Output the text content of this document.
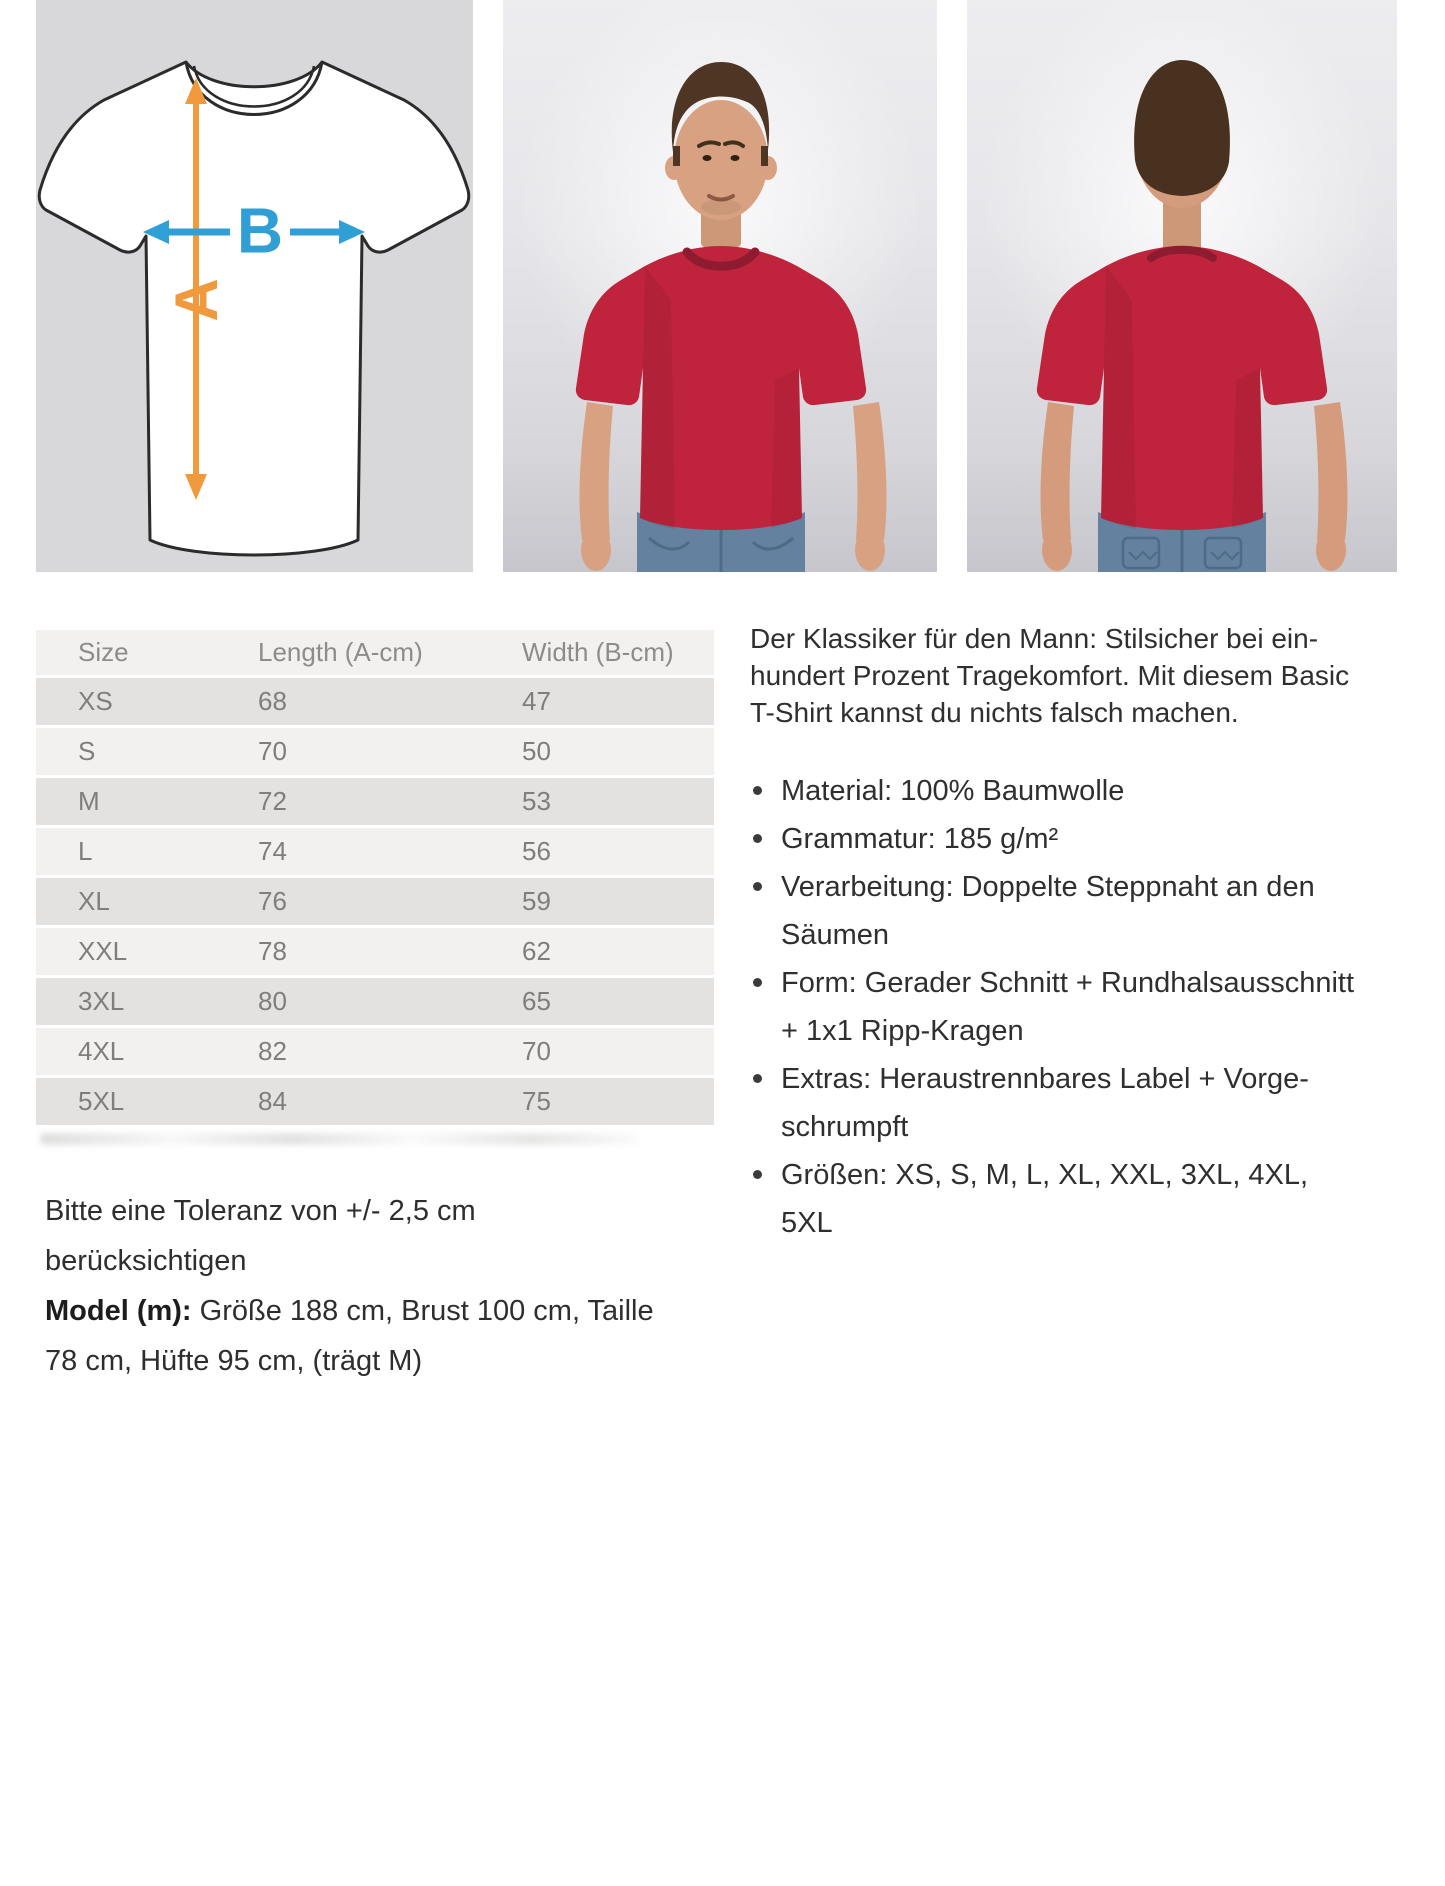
A
B
Size	Length (A-cm)	Width (B-cm)
XS	68	47
S	70	50
M	72	53
L	74	56
XL	76	59
XXL	78	62
3XL	80	65
4XL	82	70
5XL	84	75

Bitte eine Toleranz von +/- 2,5 cm berücksichtigen

Model (m): Größe 188 cm, Brust 100 cm, Taille 78 cm, Hüfte 95 cm, (trägt M)

Der Klassiker für den Mann: Stilsicher bei einhundert Prozent Tragekomfort. Mit diesem Basic T-Shirt kannst du nichts falsch machen.

Material: 100% Baumwolle
Grammatur: 185 g/m²
Verarbeitung: Doppelte Steppnaht an den Säumen
Form: Gerader Schnitt + Rundhalsausschnitt + 1x1 Ripp-Kragen
Extras: Heraustrennbares Label + Vorgeschrumpft
Größen: XS, S, M, L, XL, XXL, 3XL, 4XL, 5XL
